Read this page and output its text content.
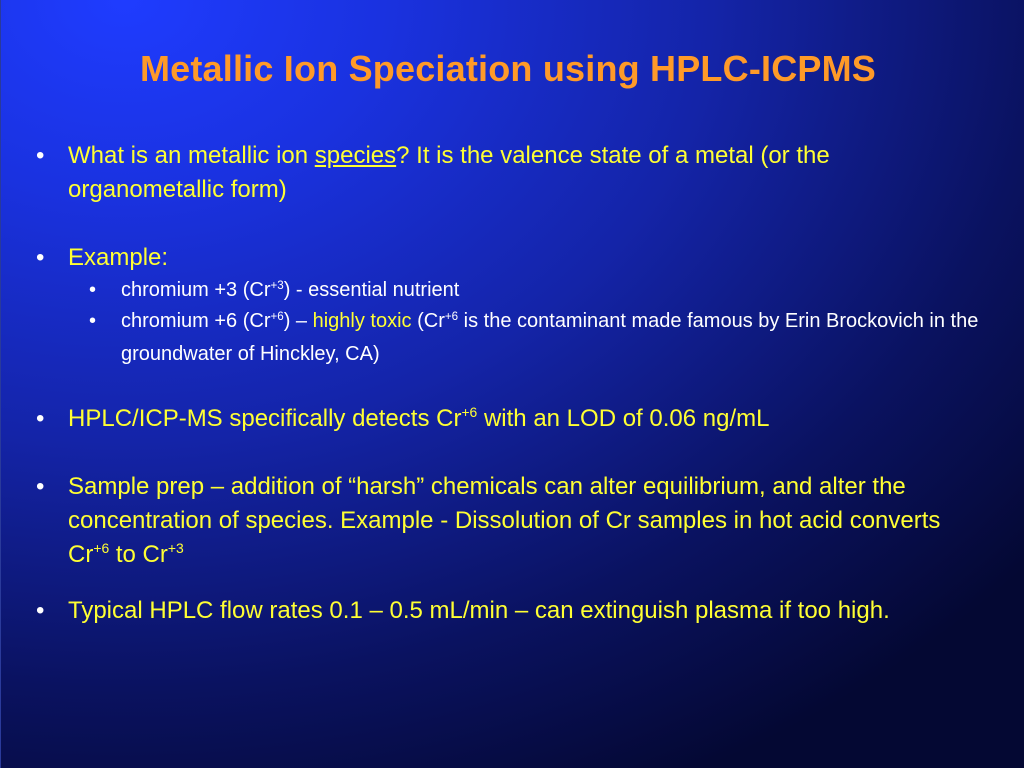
Metallic Ion Speciation using HPLC-ICPMS
• What is an metallic ion species? It is the valence state of a metal (or the organometallic form)
• Example:
• chromium +3 $(Cr^{+3})$ - essential nutrient
• chromium +6 $(Cr^{+6})$ – highly toxic ($Cr^{+6}$ is the contaminant made famous by Erin Brockovich in the groundwater of Hinckley, CA)
• HPLC/ICP-MS specifically detects $Cr^{+6}$ with an LOD of 0.06 ng/mL
• Sample prep – addition of “harsh” chemicals can alter equilibrium, and alter the concentration of species. Example - Dissolution of Cr samples in hot acid converts $Cr^{+6}$ to $Cr^{+3}$
• Typical HPLC flow rates 0.1 – 0.5 mL/min – can extinguish plasma if too high.
